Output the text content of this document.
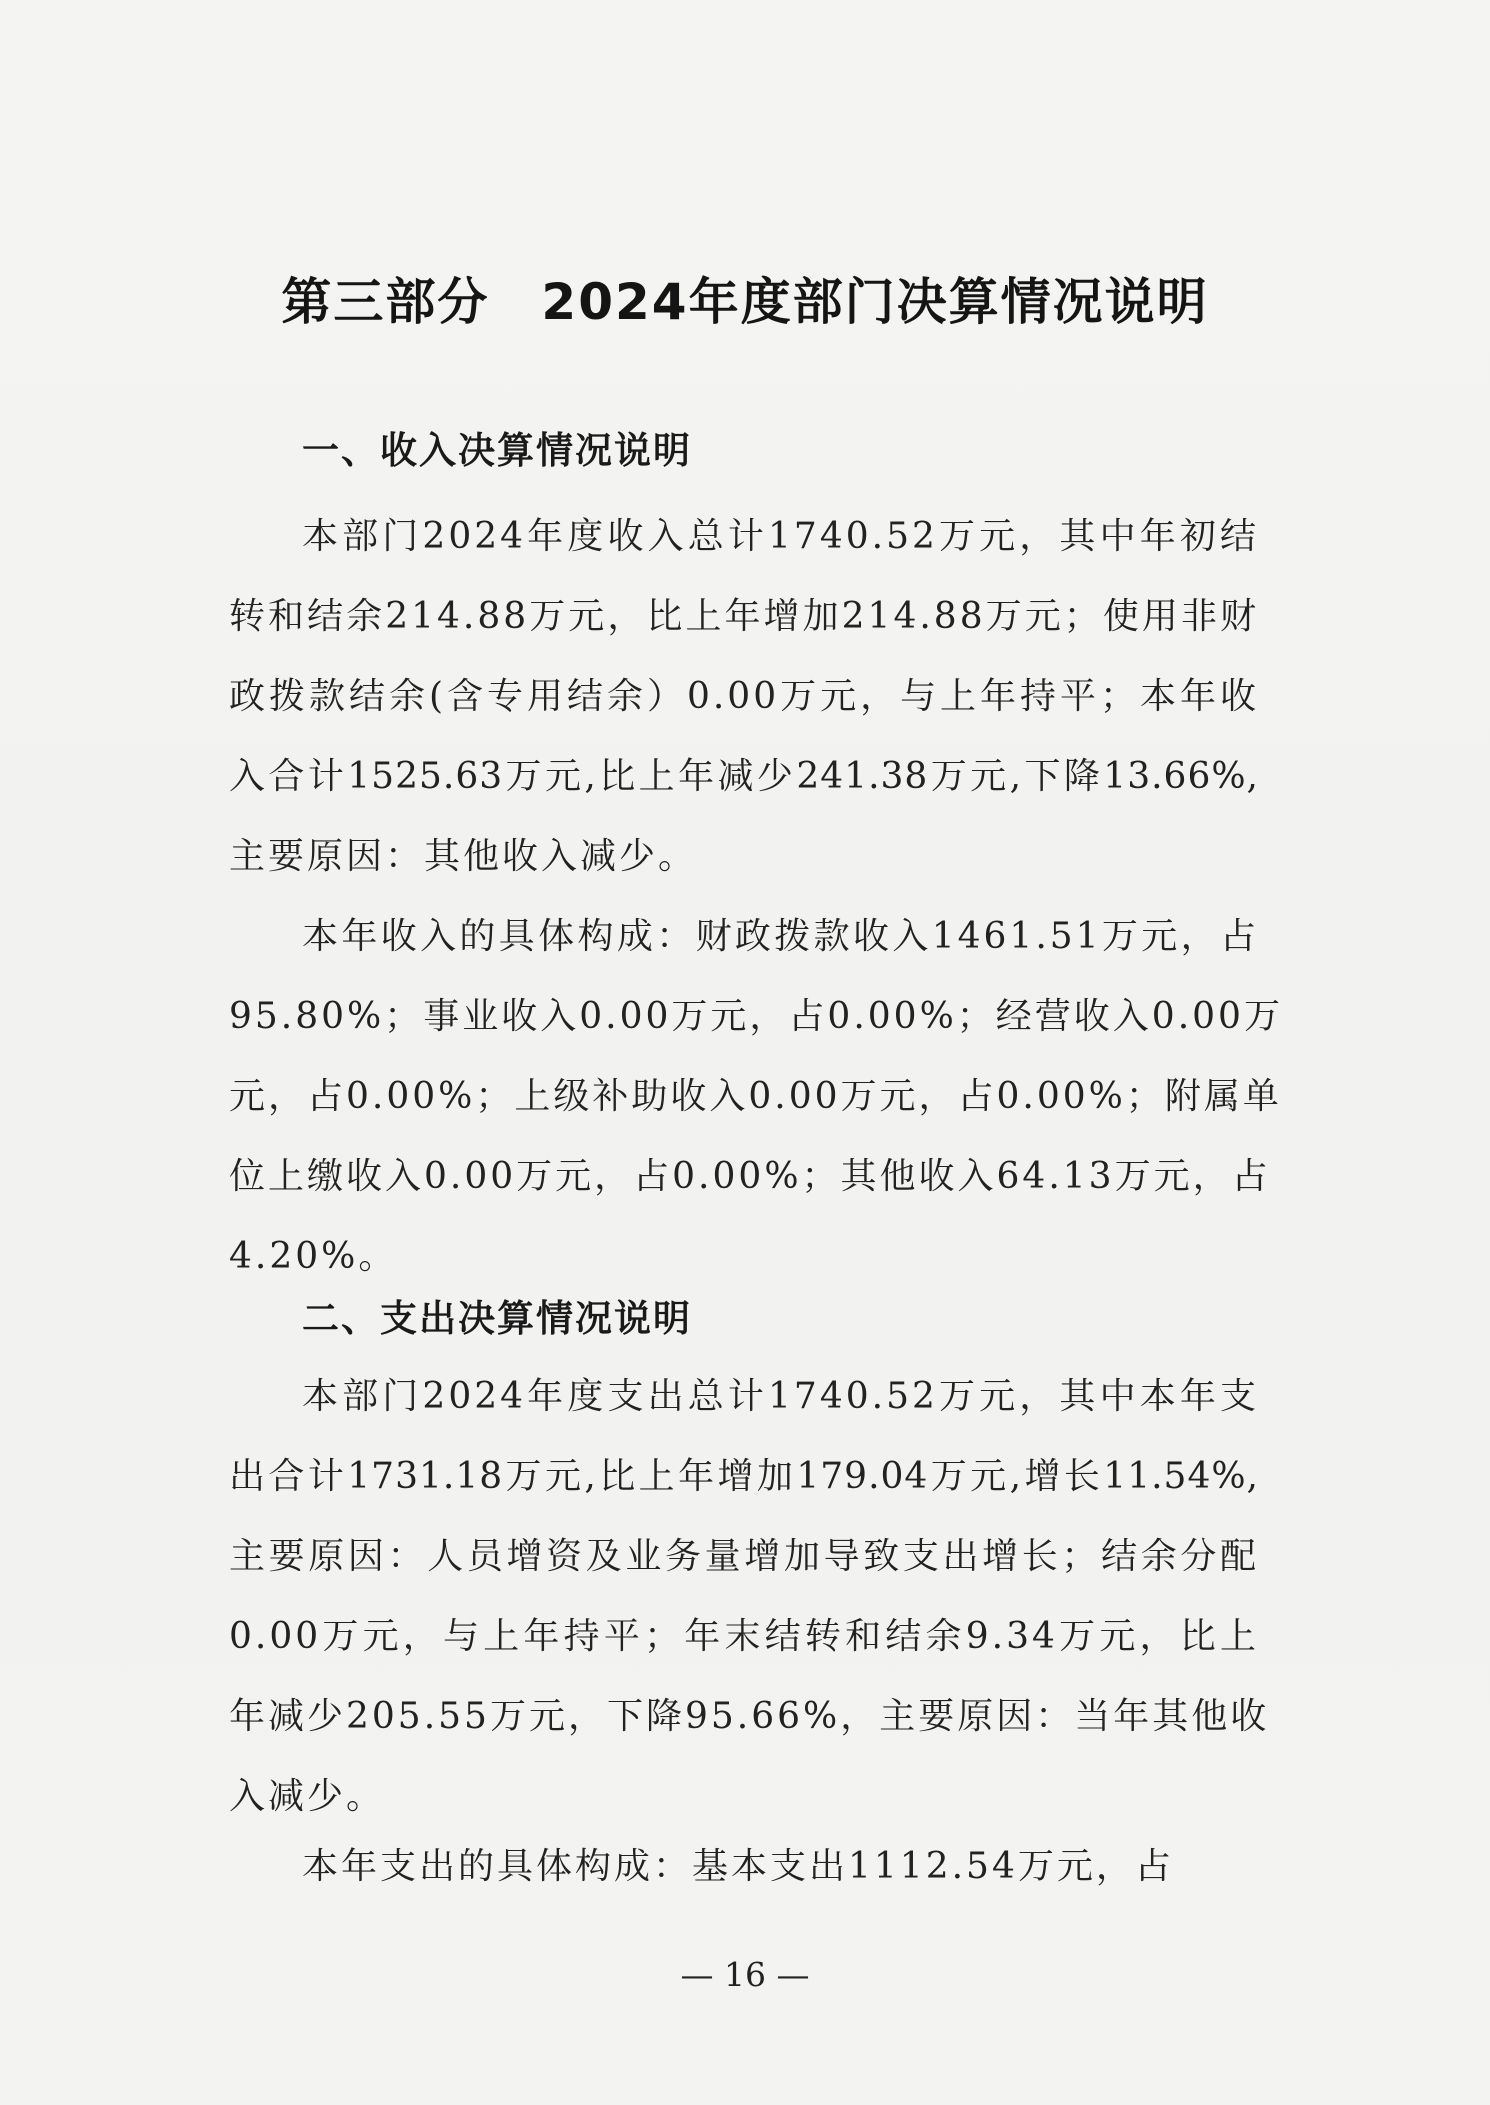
第三部分　2024年度部门决算情况说明
一、收入决算情况说明
本部门2024年度收入总计1740.52万元，其中年初结
转和结余214.88万元，比上年增加214.88万元；使用非财
政拨款结余(含专用结余）0.00万元，与上年持平；本年收
入合计1525.63万元,比上年减少241.38万元,下降13.66%,
主要原因：其他收入减少。
本年收入的具体构成：财政拨款收入1461.51万元，占
95.80%；事业收入0.00万元，占0.00%；经营收入0.00万
元，占0.00%；上级补助收入0.00万元，占0.00%；附属单
位上缴收入0.00万元，占0.00%；其他收入64.13万元，占
4.20%。
二、支出决算情况说明
本部门2024年度支出总计1740.52万元，其中本年支
出合计1731.18万元,比上年增加179.04万元,增长11.54%,
主要原因：人员增资及业务量增加导致支出增长；结余分配
0.00万元，与上年持平；年末结转和结余9.34万元，比上
年减少205.55万元，下降95.66%，主要原因：当年其他收
入减少。
本年支出的具体构成：基本支出1112.54万元，占
— 16 —
